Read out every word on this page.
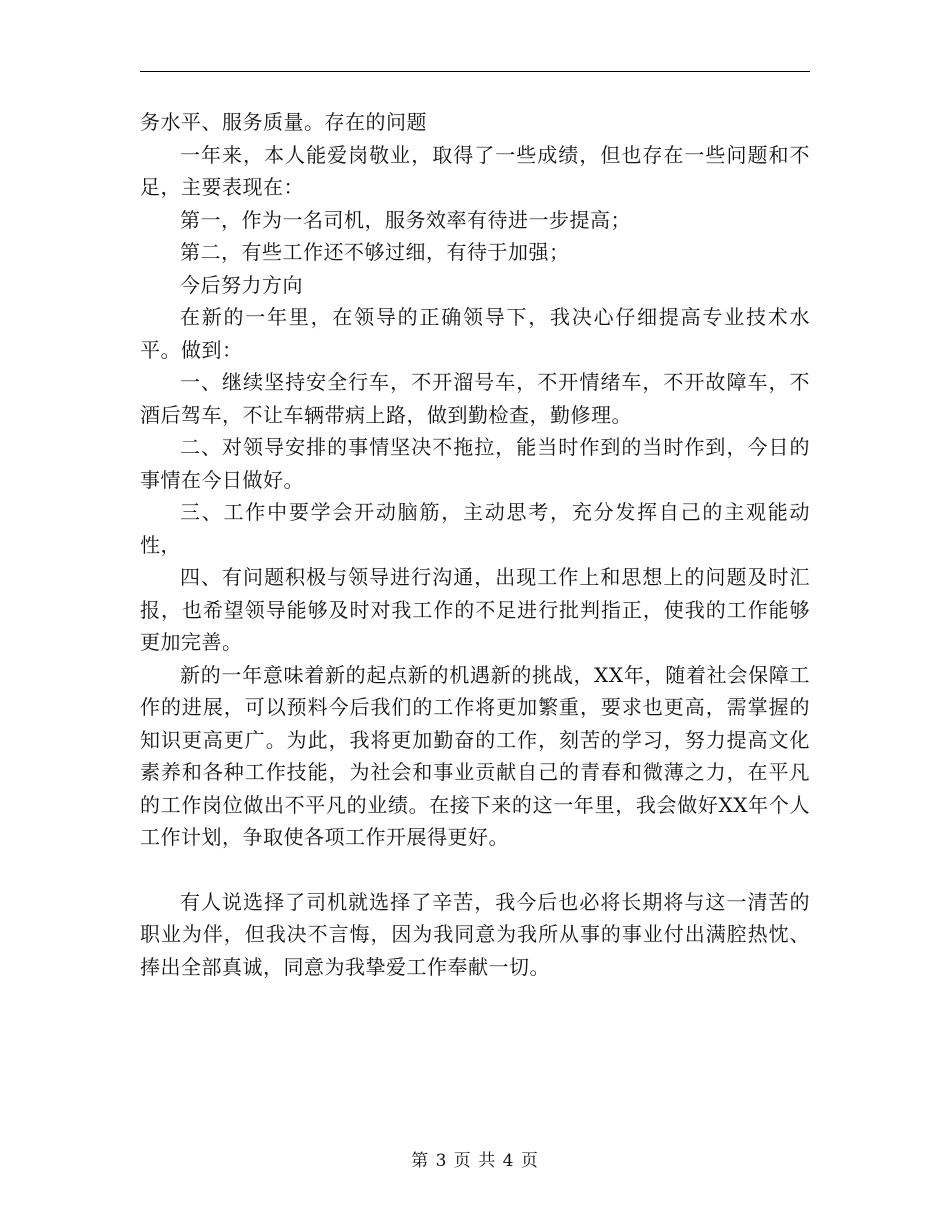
务水平、服务质量。存在的问题

一年来，本人能爱岗敬业，取得了一些成绩，但也存在一些问题和不足，主要表现在：

第一，作为一名司机，服务效率有待进一步提高；

第二，有些工作还不够过细，有待于加强；

今后努力方向

在新的一年里，在领导的正确领导下，我决心仔细提高专业技术水平。做到：

一、继续坚持安全行车，不开溜号车，不开情绪车，不开故障车，不酒后驾车，不让车辆带病上路，做到勤检查，勤修理。

二、对领导安排的事情坚决不拖拉，能当时作到的当时作到，今日的事情在今日做好。

三、工作中要学会开动脑筋，主动思考，充分发挥自己的主观能动性，

四、有问题积极与领导进行沟通，出现工作上和思想上的问题及时汇报，也希望领导能够及时对我工作的不足进行批判指正，使我的工作能够更加完善。

新的一年意味着新的起点新的机遇新的挑战，XX年，随着社会保障工作的进展，可以预料今后我们的工作将更加繁重，要求也更高，需掌握的知识更高更广。为此，我将更加勤奋的工作，刻苦的学习，努力提高文化素养和各种工作技能，为社会和事业贡献自己的青春和微薄之力，在平凡的工作岗位做出不平凡的业绩。在接下来的这一年里，我会做好XX年个人工作计划，争取使各项工作开展得更好。

有人说选择了司机就选择了辛苦，我今后也必将长期将与这一清苦的职业为伴，但我决不言悔，因为我同意为我所从事的事业付出满腔热忱、捧出全部真诚，同意为我挚爱工作奉献一切。

第 3 页 共 4 页
